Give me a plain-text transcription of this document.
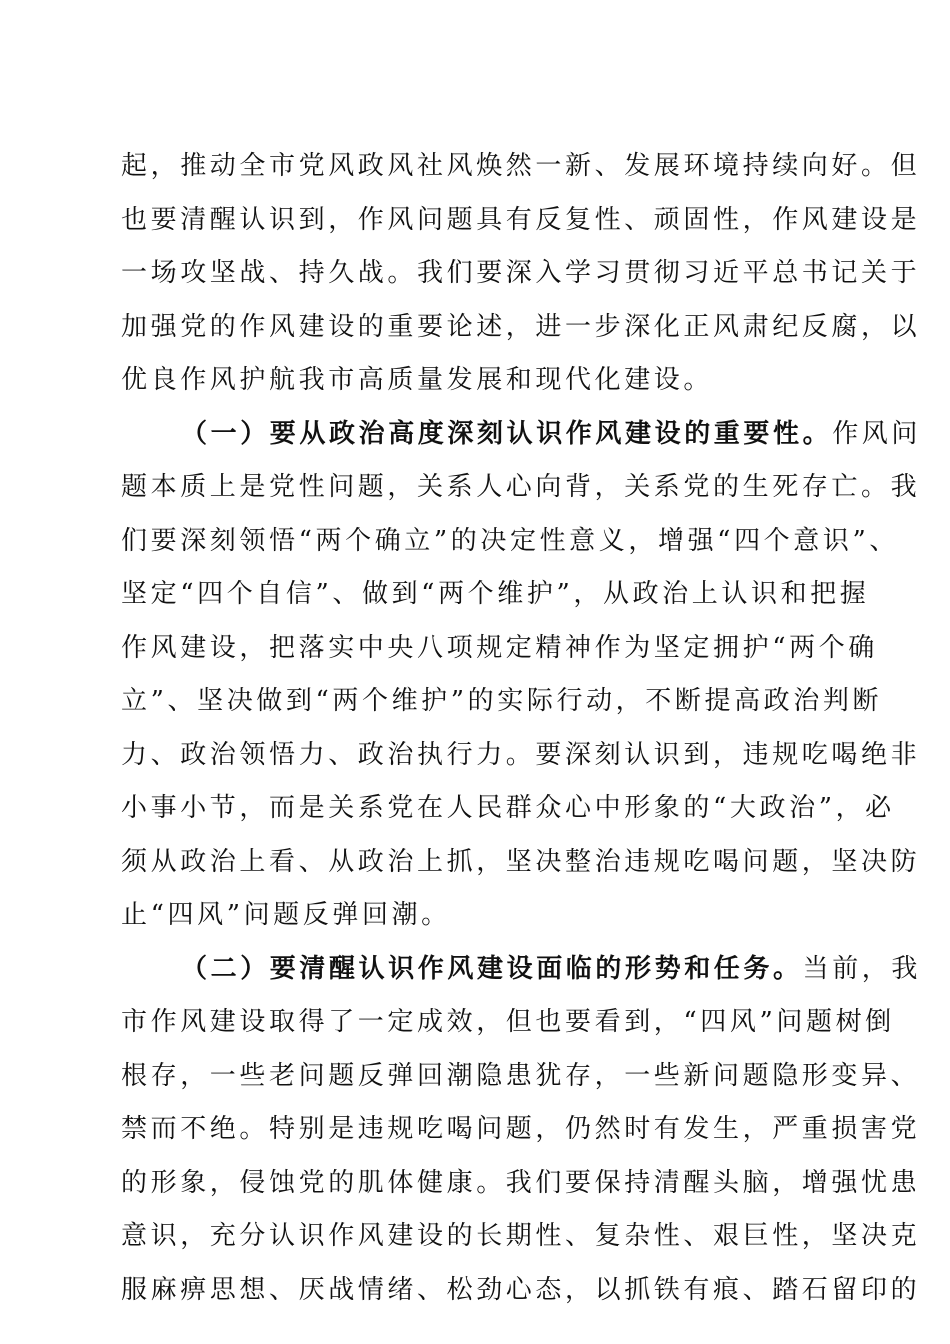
起，推动全市党风政风社风焕然一新、发展环境持续向好。但
也要清醒认识到，作风问题具有反复性、顽固性，作风建设是
一场攻坚战、持久战。我们要深入学习贯彻习近平总书记关于
加强党的作风建设的重要论述，进一步深化正风肃纪反腐，以
优良作风护航我市高质量发展和现代化建设。
（一）要从政治高度深刻认识作风建设的重要性。作风问
题本质上是党性问题，关系人心向背，关系党的生死存亡。我
们要深刻领悟“两个确立”的决定性意义，增强“四个意识”、
坚定“四个自信”、做到“两个维护”，从政治上认识和把握
作风建设，把落实中央八项规定精神作为坚定拥护“两个确
立”、坚决做到“两个维护”的实际行动，不断提高政治判断
力、政治领悟力、政治执行力。要深刻认识到，违规吃喝绝非
小事小节，而是关系党在人民群众心中形象的“大政治”，必
须从政治上看、从政治上抓，坚决整治违规吃喝问题，坚决防
止“四风”问题反弹回潮。
（二）要清醒认识作风建设面临的形势和任务。当前，我
市作风建设取得了一定成效，但也要看到，“四风”问题树倒
根存，一些老问题反弹回潮隐患犹存，一些新问题隐形变异、
禁而不绝。特别是违规吃喝问题，仍然时有发生，严重损害党
的形象，侵蚀党的肌体健康。我们要保持清醒头脑，增强忧患
意识，充分认识作风建设的长期性、复杂性、艰巨性，坚决克
服麻痹思想、厌战情绪、松劲心态，以抓铁有痕、踏石留印的
